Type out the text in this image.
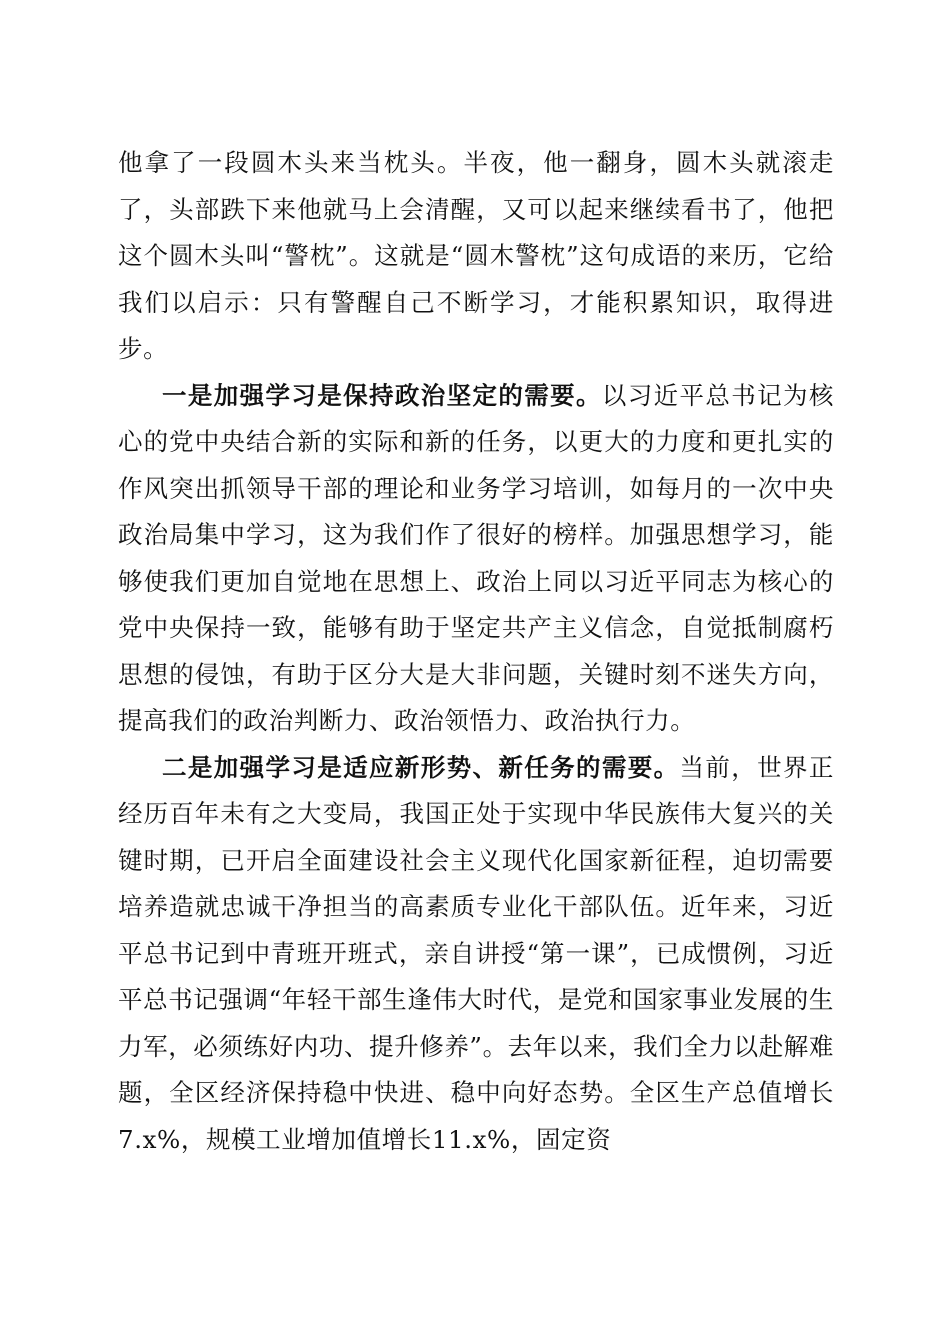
他拿了一段圆木头来当枕头。半夜，他一翻身，圆木头就滚走了，头部跌下来他就马上会清醒，又可以起来继续看书了，他把这个圆木头叫“警枕”。这就是“圆木警枕”这句成语的来历，它给我们以启示：只有警醒自己不断学习，才能积累知识，取得进步。

一是加强学习是保持政治坚定的需要。以习近平总书记为核心的党中央结合新的实际和新的任务，以更大的力度和更扎实的作风突出抓领导干部的理论和业务学习培训，如每月的一次中央政治局集中学习，这为我们作了很好的榜样。加强思想学习，能够使我们更加自觉地在思想上、政治上同以习近平同志为核心的党中央保持一致，能够有助于坚定共产主义信念，自觉抵制腐朽思想的侵蚀，有助于区分大是大非问题，关键时刻不迷失方向，提高我们的政治判断力、政治领悟力、政治执行力。

二是加强学习是适应新形势、新任务的需要。当前，世界正经历百年未有之大变局，我国正处于实现中华民族伟大复兴的关键时期，已开启全面建设社会主义现代化国家新征程，迫切需要培养造就忠诚干净担当的高素质专业化干部队伍。近年来，习近平总书记到中青班开班式，亲自讲授“第一课”，已成惯例，习近平总书记强调“年轻干部生逢伟大时代，是党和国家事业发展的生力军，必须练好内功、提升修养”。去年以来，我们全力以赴解难题，全区经济保持稳中快进、稳中向好态势。全区生产总值增长7.x%，规模工业增加值增长11.x%，固定资
